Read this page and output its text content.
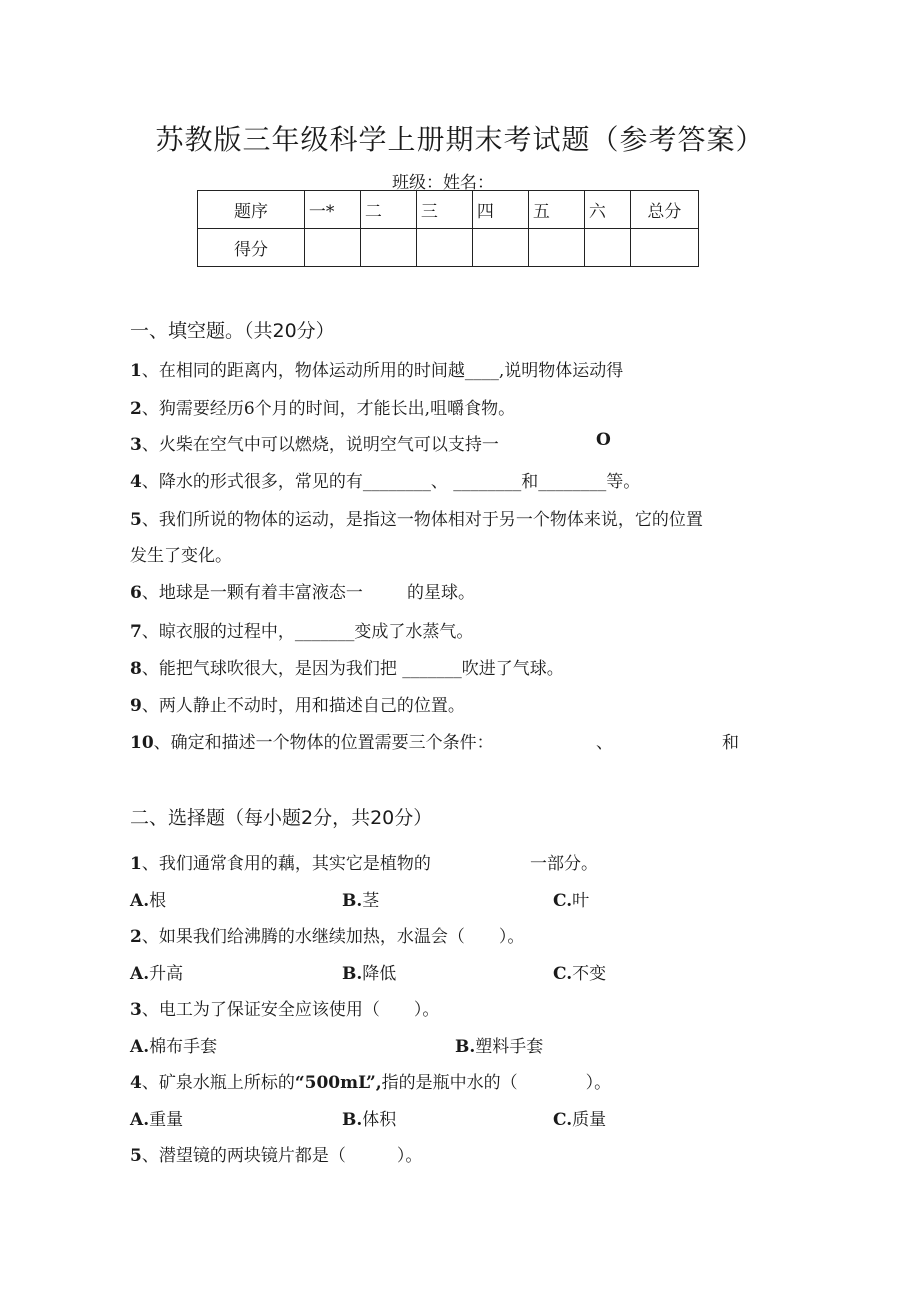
苏教版三年级科学上册期末考试题（参考答案）
班级：姓名：
题序	一*	二	三	四	五	六	总分
得分							
一、填空题。（共20分）
1、在相同的距离内，物体运动所用的时间越____,说明物体运动得
2、狗需要经历6个月的时间，才能长出,咀嚼食物。
3、火柴在空气中可以燃烧，说明空气可以支持一	O
4、降水的形式很多，常见的有________、 ________和________等。
5、我们所说的物体的运动，是指这一物体相对于另一个物体来说，它的位置
发生了变化。
6、地球是一颗有着丰富液态一	的星球。
7、晾衣服的过程中，_______变成了水蒸气。
8、能把气球吹很大，是因为我们把 _______吹进了气球。
9、两人静止不动时，用和描述自己的位置。
10、确定和描述一个物体的位置需要三个条件：	、	和
二、选择题（每小题2分，共20分）
1、我们通常食用的藕，其实它是植物的	一部分。
A.根	B.茎	C.叶
2、如果我们给沸腾的水继续加热，水温会（　　）。
A.升高	B.降低	C.不变
3、电工为了保证安全应该使用（　　）。
A.棉布手套	B.塑料手套
4、矿泉水瓶上所标的“500mL”,指的是瓶中水的（　　　　）。
A.重量	B.体积	C.质量
5、潜望镜的两块镜片都是（　　　）。
